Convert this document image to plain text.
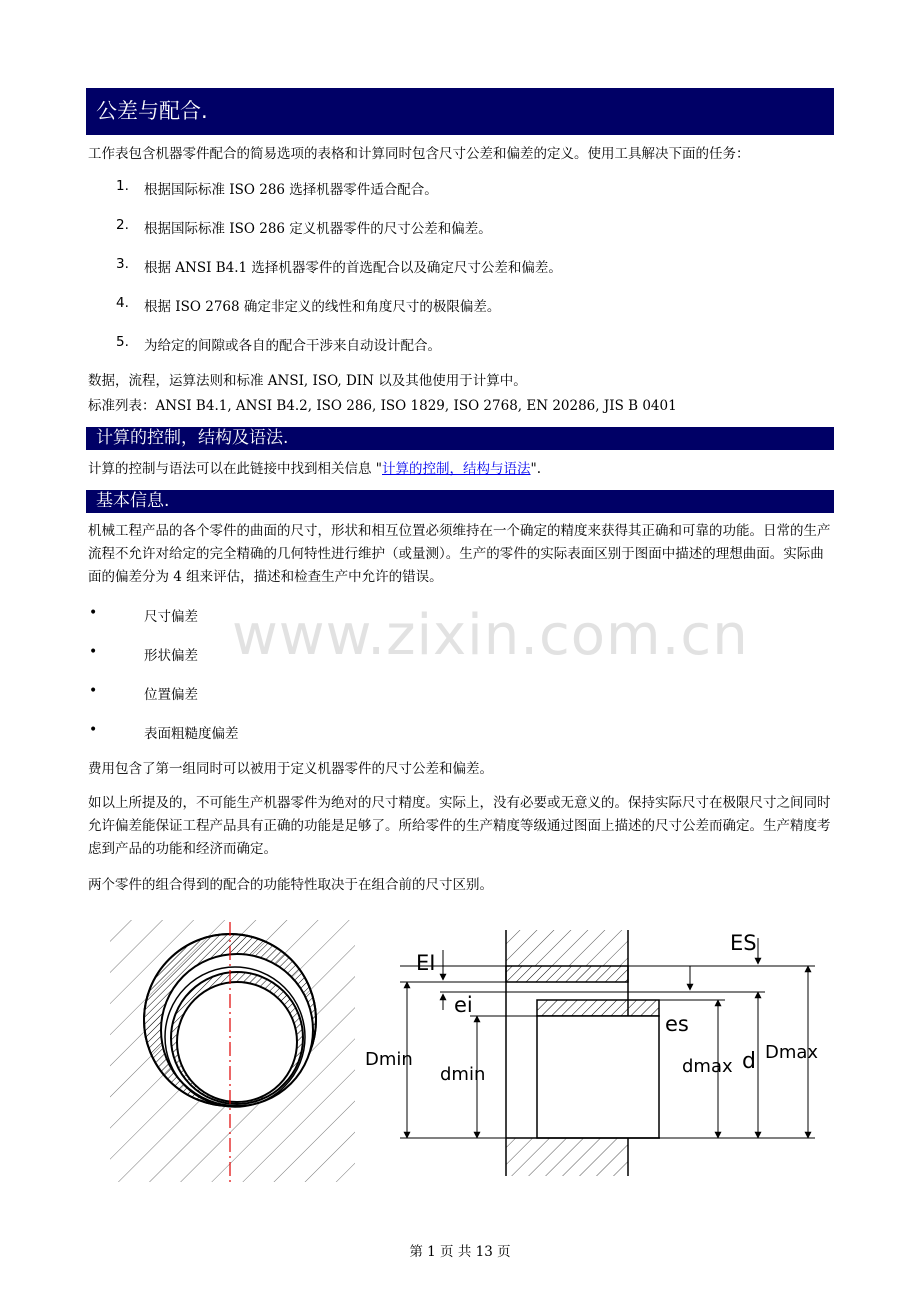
公差与配合.
工作表包含机器零件配合的简易选项的表格和计算同时包含尺寸公差和偏差的定义。使用工具解决下面的任务：
1. 根据国际标准 ISO 286 选择机器零件适合配合。
2. 根据国际标准 ISO 286 定义机器零件的尺寸公差和偏差。
3. 根据 ANSI B4.1 选择机器零件的首选配合以及确定尺寸公差和偏差。
4. 根据 ISO 2768 确定非定义的线性和角度尺寸的极限偏差。
5. 为给定的间隙或各自的配合干涉来自动设计配合。
数据，流程，运算法则和标准 ANSI, ISO, DIN 以及其他使用于计算中。
标准列表：ANSI B4.1, ANSI B4.2, ISO 286, ISO 1829, ISO 2768, EN 20286, JIS B 0401
计算的控制，结构及语法.
计算的控制与语法可以在此链接中找到相关信息 "计算的控制，结构与语法".
基本信息.
机械工程产品的各个零件的曲面的尺寸，形状和相互位置必须维持在一个确定的精度来获得其正确和可靠的功能。日常的生产流程不允许对给定的完全精确的几何特性进行维护（或量测）。生产的零件的实际表面区别于图面中描述的理想曲面。实际曲面的偏差分为 4 组来评估，描述和检查生产中允许的错误。
www.zixin.com.cn
•	尺寸偏差
•	形状偏差
•	位置偏差
•	表面粗糙度偏差
费用包含了第一组同时可以被用于定义机器零件的尺寸公差和偏差。
如以上所提及的，不可能生产机器零件为绝对的尺寸精度。实际上，没有必要或无意义的。保持实际尺寸在极限尺寸之间同时允许偏差能保证工程产品具有正确的功能是足够了。所给零件的生产精度等级通过图面上描述的尺寸公差而确定。生产精度考虑到产品的功能和经济而确定。
两个零件的组合得到的配合的功能特性取决于在组合前的尺寸区别。
EI
ei
es
ES
Dmin
dmin	dmax d Dmax
第 1 页 共 13 页
